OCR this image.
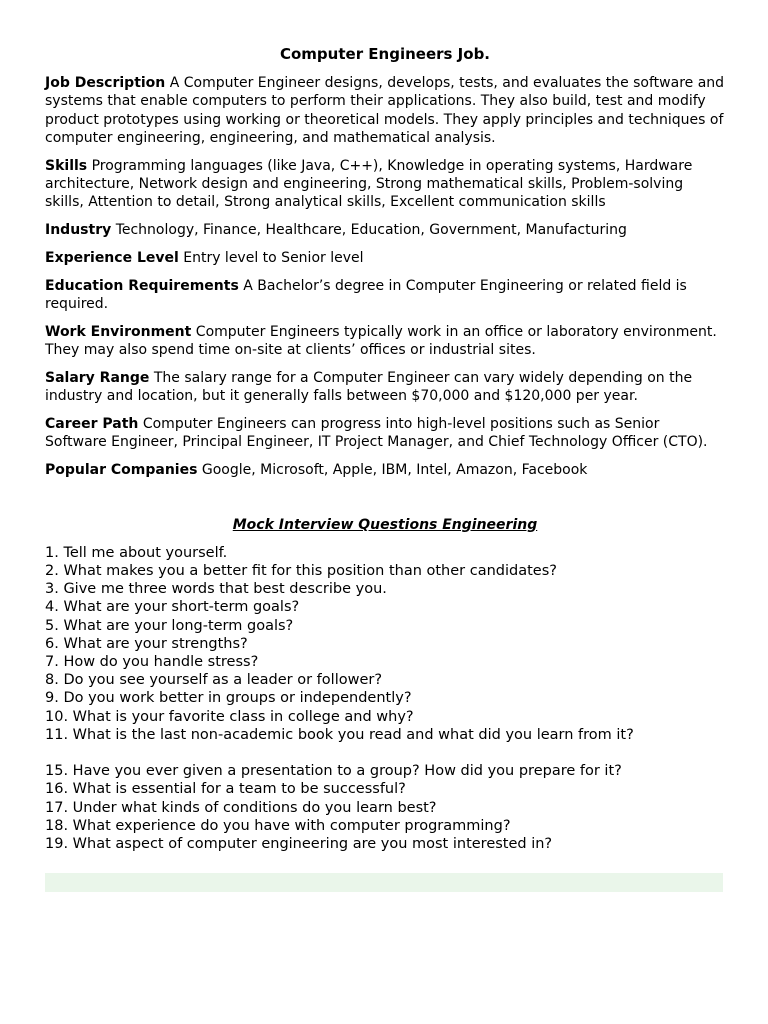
Computer Engineers Job.
Job Description A Computer Engineer designs, develops, tests, and evaluates the software and systems that enable computers to perform their applications. They also build, test and modify product prototypes using working or theoretical models. They apply principles and techniques of computer engineering, engineering, and mathematical analysis.
Skills Programming languages (like Java, C++), Knowledge in operating systems, Hardware architecture, Network design and engineering, Strong mathematical skills, Problem-solving skills, Attention to detail, Strong analytical skills, Excellent communication skills
Industry Technology, Finance, Healthcare, Education, Government, Manufacturing
Experience Level Entry level to Senior level
Education Requirements A Bachelor’s degree in Computer Engineering or related field is required.
Work Environment Computer Engineers typically work in an office or laboratory environment. They may also spend time on-site at clients’ offices or industrial sites.
Salary Range The salary range for a Computer Engineer can vary widely depending on the industry and location, but it generally falls between $70,000 and $120,000 per year.
Career Path Computer Engineers can progress into high-level positions such as Senior Software Engineer, Principal Engineer, IT Project Manager, and Chief Technology Officer (CTO).
Popular Companies Google, Microsoft, Apple, IBM, Intel, Amazon, Facebook
Mock Interview Questions Engineering
1. Tell me about yourself.
2. What makes you a better fit for this position than other candidates?
3. Give me three words that best describe you.
4. What are your short-term goals?
5. What are your long-term goals?
6. What are your strengths?
7. How do you handle stress?
8. Do you see yourself as a leader or follower?
9. Do you work better in groups or independently?
10. What is your favorite class in college and why?
11. What is the last non-academic book you read and what did you learn from it?
15. Have you ever given a presentation to a group? How did you prepare for it?
16. What is essential for a team to be successful?
17. Under what kinds of conditions do you learn best?
18. What experience do you have with computer programming?
19. What aspect of computer engineering are you most interested in?
